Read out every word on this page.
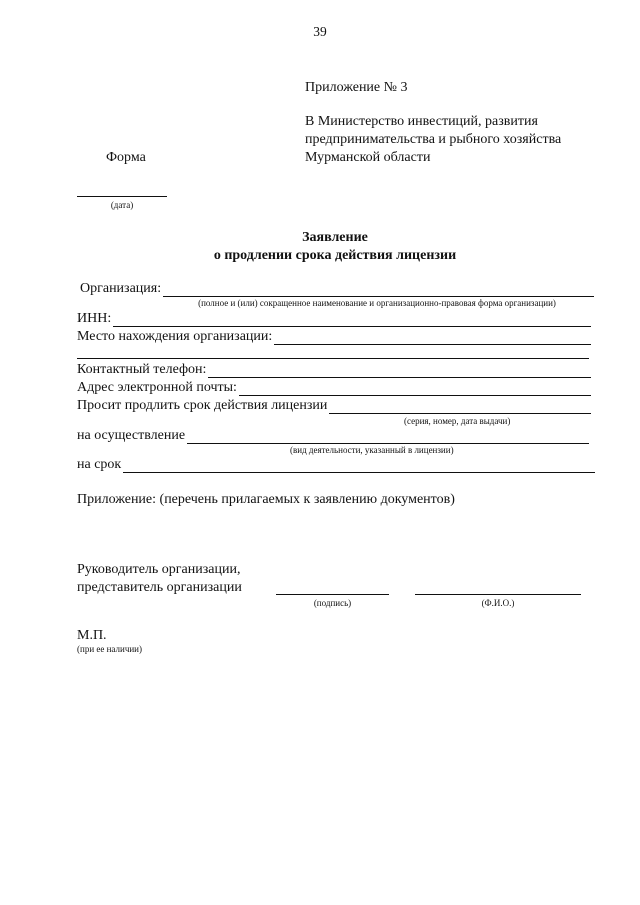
39
Приложение № 3
В Министерство инвестиций, развития
предпринимательства и рыбного хозяйства
Мурманской области
Форма
(дата)
Заявление
о продлении срока действия лицензии
Организация:
(полное и (или) сокращенное наименование и организационно-правовая форма организации)
ИНН:
Место нахождения организации:
Контактный телефон:
Адрес электронной почты:
Просит продлить срок действия лицензии
(серия, номер, дата выдачи)
на осуществление
(вид деятельности, указанный в лицензии)
на срок
Приложение: (перечень прилагаемых к заявлению документов)
Руководитель организации,
представитель организации
(подпись)	(Ф.И.О.)
М.П.
(при ее наличии)
